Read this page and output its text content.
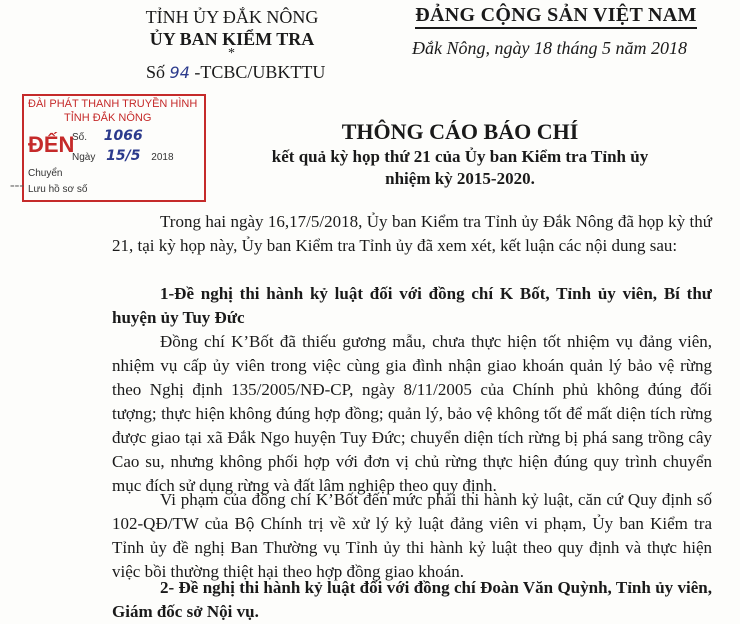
TỈNH ỦY ĐẮK NÔNG
ỦY BAN KIỂM TRA
*
Số 94 -TCBC/UBKTTU
ĐẢNG CỘNG SẢN VIỆT NAM
Đắk Nông, ngày 18 tháng 5 năm 2018
ĐÀI PHÁT THANH TRUYỀN HÌNH
TỈNH ĐẮK NÔNG
ĐẾN
Số. 1066
Ngày 15/5 2018
Chuyển
Lưu hồ sơ số
THÔNG CÁO BÁO CHÍ
kết quả kỳ họp thứ 21 của Ủy ban Kiểm tra Tỉnh ủy
nhiệm kỳ 2015-2020.
---
Trong hai ngày 16,17/5/2018, Ủy ban Kiểm tra Tỉnh ủy Đắk Nông đã họp kỳ thứ 21, tại kỳ họp này, Ủy ban Kiểm tra Tỉnh ủy đã xem xét, kết luận các nội dung sau:
1-Đề nghị thi hành kỷ luật đối với đồng chí K Bốt, Tỉnh ủy viên, Bí thư huyện ủy Tuy Đức
Đồng chí K’Bốt đã thiếu gương mẫu, chưa thực hiện tốt nhiệm vụ đảng viên, nhiệm vụ cấp ủy viên trong việc cùng gia đình nhận giao khoán quản lý bảo vệ rừng theo Nghị định 135/2005/NĐ-CP, ngày 8/11/2005 của Chính phủ không đúng đối tượng; thực hiện không đúng hợp đồng; quản lý, bảo vệ không tốt để mất diện tích rừng được giao tại xã Đắk Ngo huyện Tuy Đức; chuyển diện tích rừng bị phá sang trồng cây Cao su, nhưng không phối hợp với đơn vị chủ rừng thực hiện đúng quy trình chuyển mục đích sử dụng rừng và đất lâm nghiệp theo quy định.
Vi phạm của đồng chí K’Bốt đến mức phải thi hành kỷ luật, căn cứ Quy định số 102-QĐ/TW của Bộ Chính trị về xử lý kỷ luật đảng viên vi phạm, Ủy ban Kiểm tra Tỉnh ủy đề nghị Ban Thường vụ Tỉnh ủy thi hành kỷ luật theo quy định và thực hiện việc bồi thường thiệt hại theo hợp đồng giao khoán.
2- Đề nghị thi hành kỷ luật đối với đồng chí Đoàn Văn Quỳnh, Tỉnh ủy viên, Giám đốc sở Nội vụ.
